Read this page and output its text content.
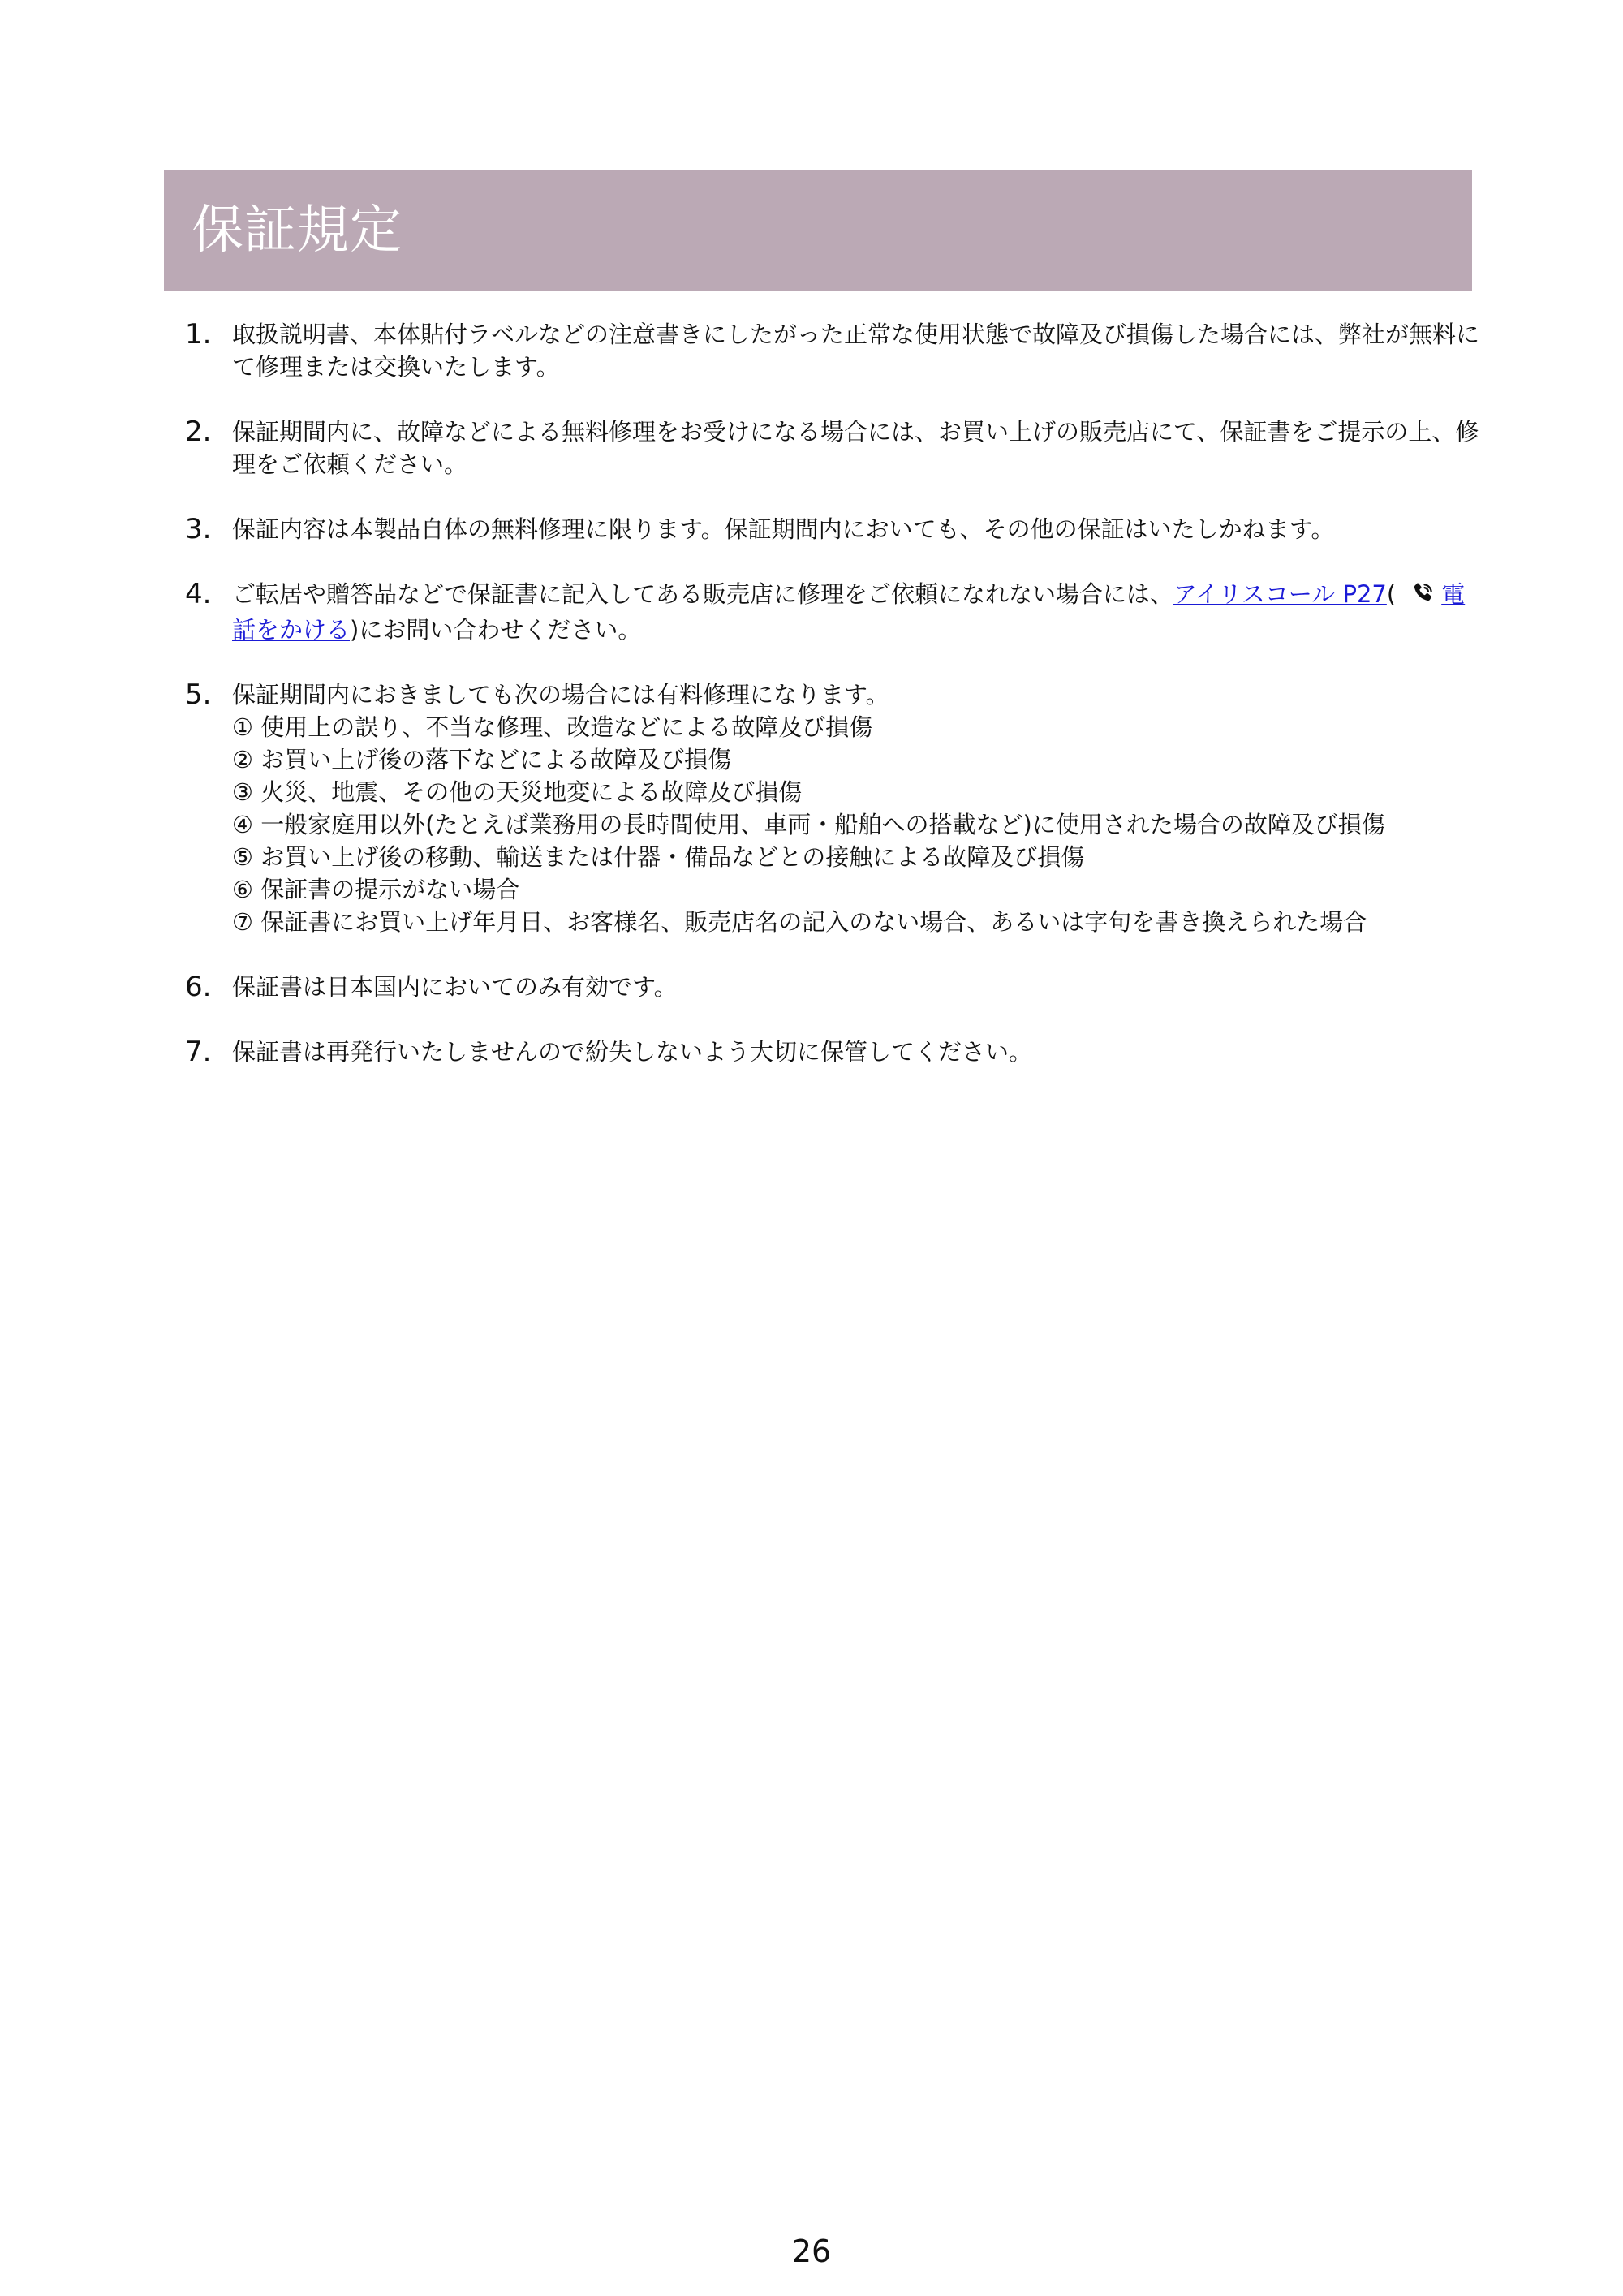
保証規定
1. 取扱説明書、本体貼付ラベルなどの注意書きにしたがった正常な使用状態で故障及び損傷した場合には、弊社が無料にて修理または交換いたします。
2. 保証期間内に、故障などによる無料修理をお受けになる場合には、お買い上げの販売店にて、保証書をご提示の上、修理をご依頼ください。
3. 保証内容は本製品自体の無料修理に限ります。保証期間内においても、その他の保証はいたしかねます。
4. ご転居や贈答品などで保証書に記入してある販売店に修理をご依頼になれない場合には、アイリスコール P27( 電話をかける)にお問い合わせください。
5. 保証期間内におきましても次の場合には有料修理になります。
① 使用上の誤り、不当な修理、改造などによる故障及び損傷
② お買い上げ後の落下などによる故障及び損傷
③ 火災、地震、その他の天災地変による故障及び損傷
④ 一般家庭用以外(たとえば業務用の長時間使用、車両・船舶への搭載など)に使用された場合の故障及び損傷
⑤ お買い上げ後の移動、輸送または什器・備品などとの接触による故障及び損傷
⑥ 保証書の提示がない場合
⑦ 保証書にお買い上げ年月日、お客様名、販売店名の記入のない場合、あるいは字句を書き換えられた場合
6. 保証書は日本国内においてのみ有効です。
7. 保証書は再発行いたしませんので紛失しないよう大切に保管してください。
26
